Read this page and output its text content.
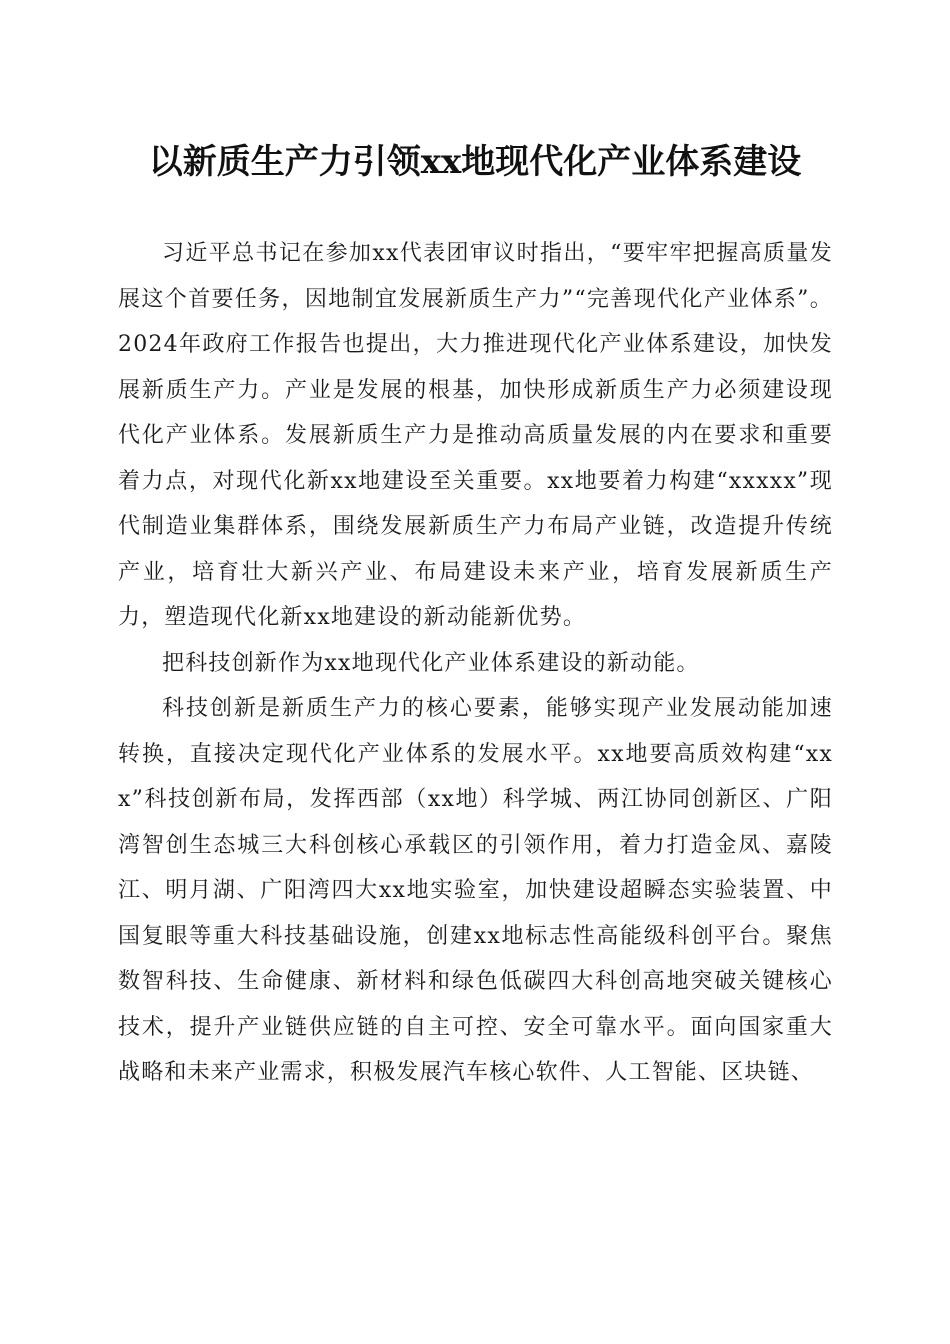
以新质生产力引领xx地现代化产业体系建设

习近平总书记在参加xx代表团审议时指出，“要牢牢把握高质量发展这个首要任务，因地制宜发展新质生产力”“完善现代化产业体系”。2024年政府工作报告也提出，大力推进现代化产业体系建设，加快发展新质生产力。产业是发展的根基，加快形成新质生产力必须建设现代化产业体系。发展新质生产力是推动高质量发展的内在要求和重要着力点，对现代化新xx地建设至关重要。xx地要着力构建“xxxxx”现代制造业集群体系，围绕发展新质生产力布局产业链，改造提升传统产业，培育壮大新兴产业、布局建设未来产业，培育发展新质生产力，塑造现代化新xx地建设的新动能新优势。

把科技创新作为xx地现代化产业体系建设的新动能。

科技创新是新质生产力的核心要素，能够实现产业发展动能加速转换，直接决定现代化产业体系的发展水平。xx地要高质效构建“xxx”科技创新布局，发挥西部（xx地）科学城、两江协同创新区、广阳湾智创生态城三大科创核心承载区的引领作用，着力打造金凤、嘉陵江、明月湖、广阳湾四大xx地实验室，加快建设超瞬态实验装置、中国复眼等重大科技基础设施，创建xx地标志性高能级科创平台。聚焦数智科技、生命健康、新材料和绿色低碳四大科创高地突破关键核心技术，提升产业链供应链的自主可控、安全可靠水平。面向国家重大战略和未来产业需求，积极发展汽车核心软件、人工智能、区块链、
